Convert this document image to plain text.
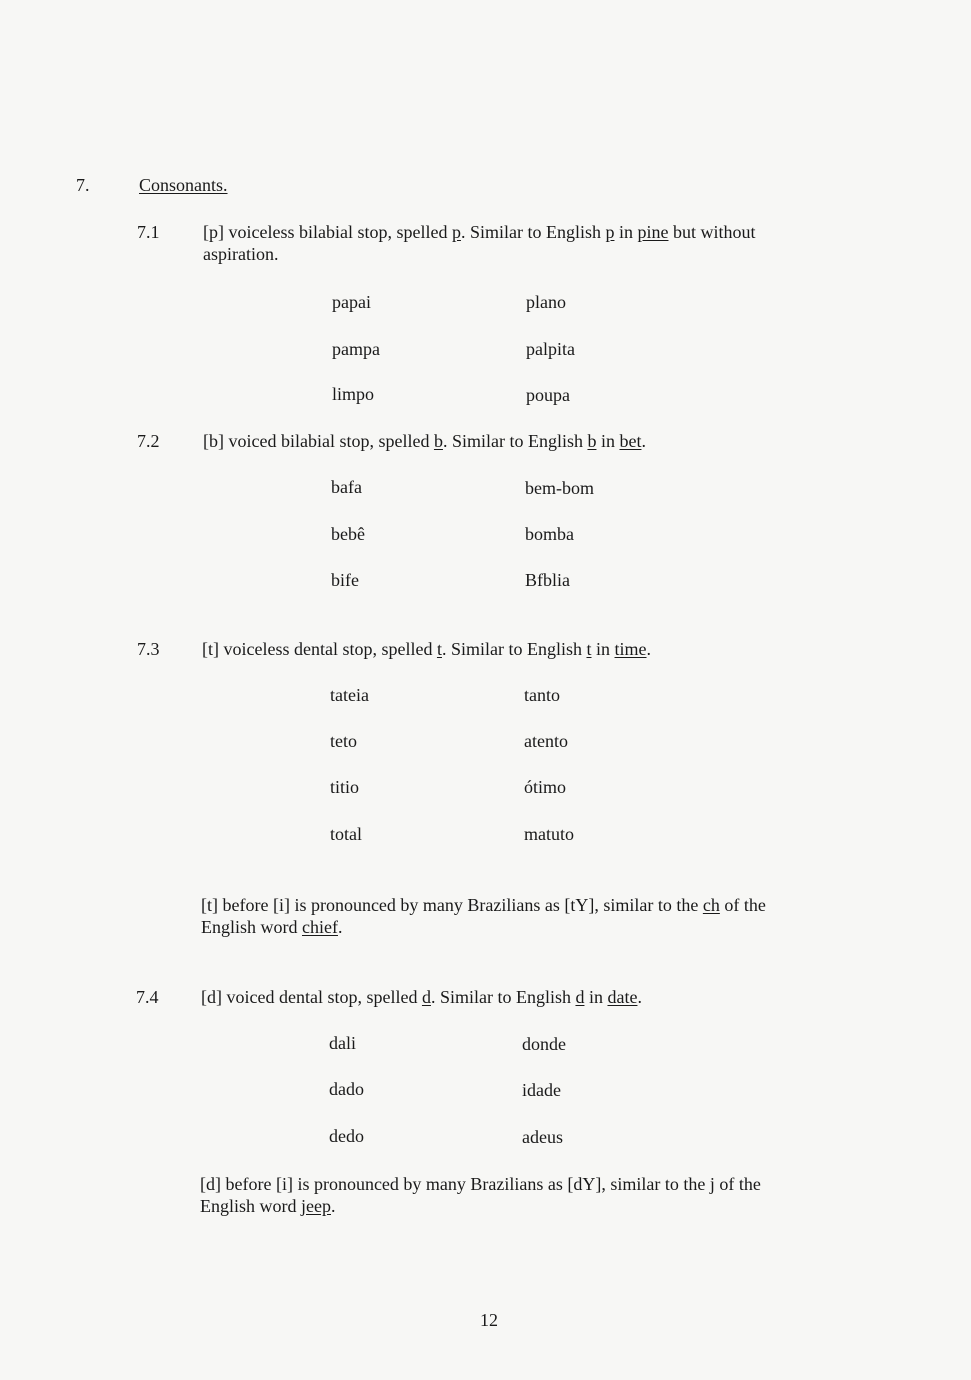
7.	Consonants.
7.1 [p] voiceless bilabial stop, spelled p. Similar to English p in pine but without
aspiration.
papai	plano
pampa	palpita
limpo	poupa
7.2 [b] voiced bilabial stop, spelled b. Similar to English b in bet.
bafa	bem-bom
bebê	bomba
bife	Bfblia
7.3 [t] voiceless dental stop, spelled t. Similar to English t in time.
tateia	tanto
teto	atento
titio	ótimo
total	matuto
[t] before [i] is pronounced by many Brazilians as [tY], similar to the ch of the
English word chief.
7.4 [d] voiced dental stop, spelled d. Similar to English d in date.
dali	donde
dado	idade
dedo	adeus
[d] before [i] is pronounced by many Brazilians as [dY], similar to the j of the
English word jeep.
12
